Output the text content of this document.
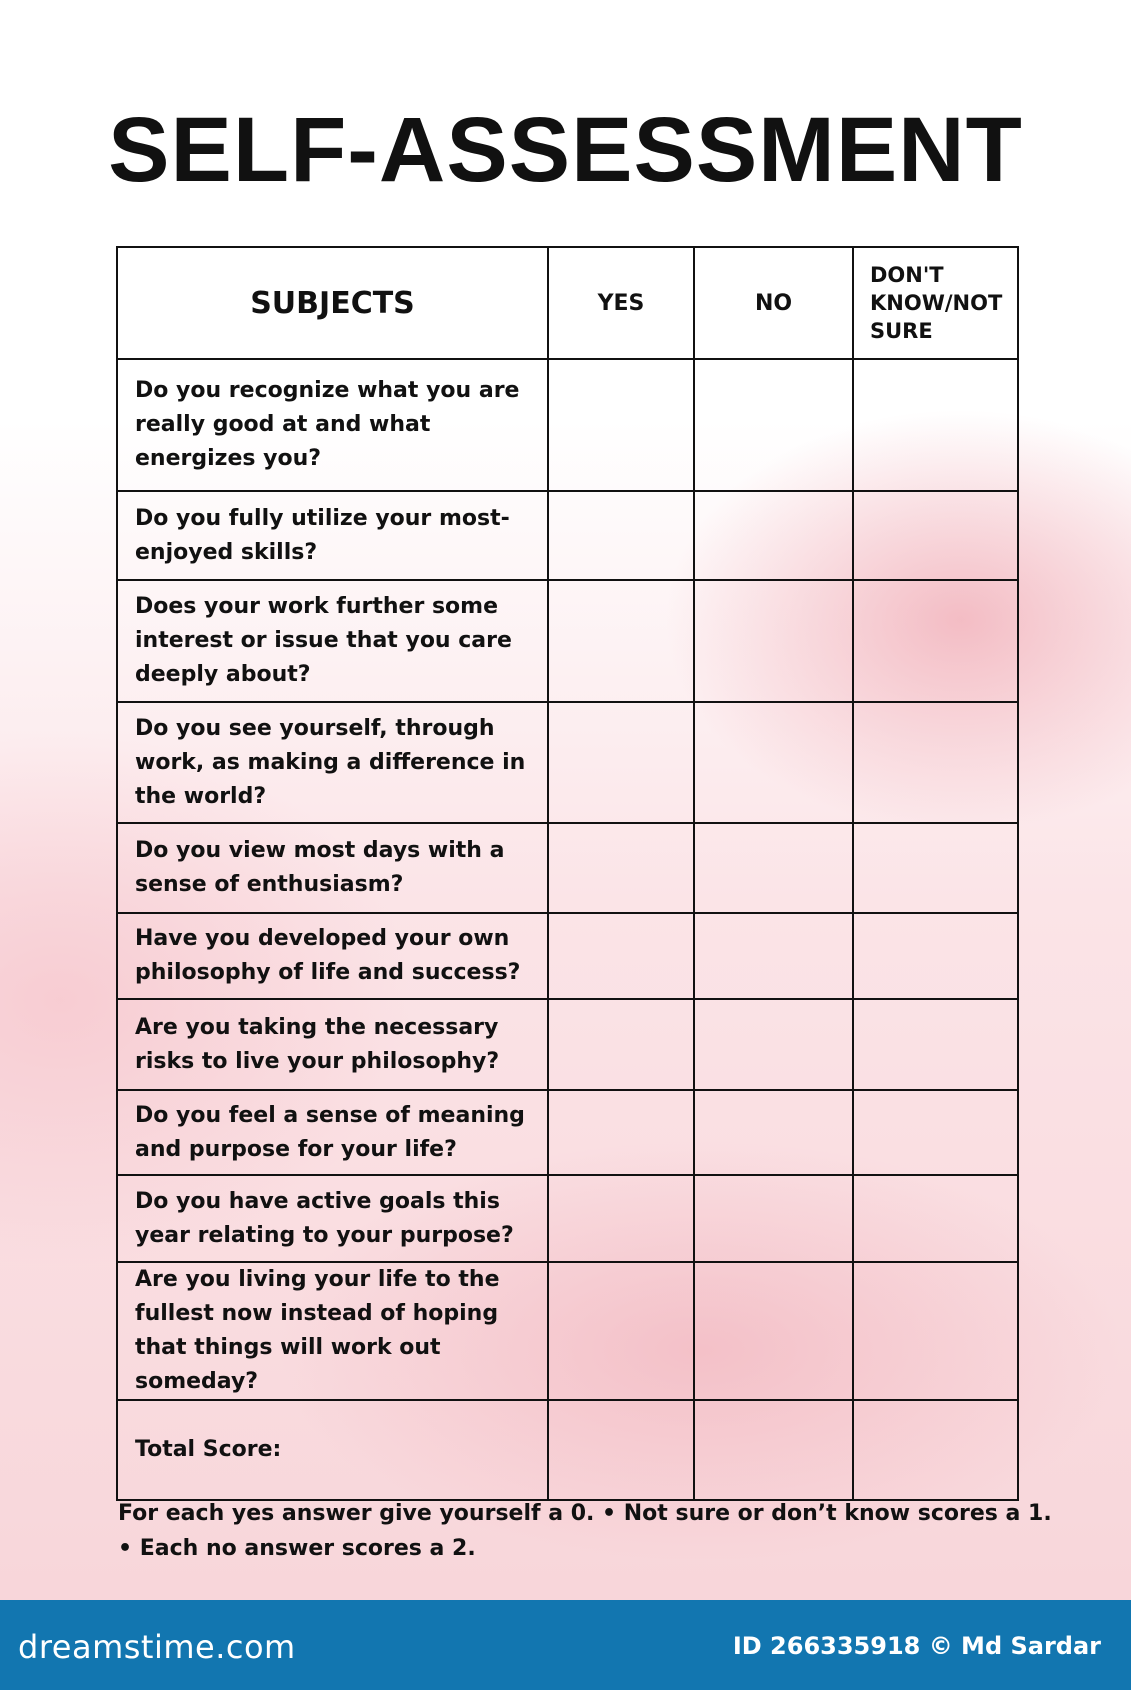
SELF-ASSESSMENT
SUBJECTS	YES	NO	DON'T KNOW/NOT SURE
Do you recognize what you are really good at and what energizes you?			
Do you fully utilize your most-enjoyed skills?			
Does your work further some interest or issue that you care deeply about?			
Do you see yourself, through work, as making a difference in the world?			
Do you view most days with a sense of enthusiasm?			
Have you developed your own philosophy of life and success?			
Are you taking the necessary risks to live your philosophy?			
Do you feel a sense of meaning and purpose for your life?			
Do you have active goals this year relating to your purpose?			
Are you living your life to the fullest now instead of hoping that things will work out someday?			
Total Score:			
For each yes answer give yourself a 0. • Not sure or don’t know scores a 1.
• Each no answer scores a 2.
dreamstime.com	ID 266335918 © Md Sardar
